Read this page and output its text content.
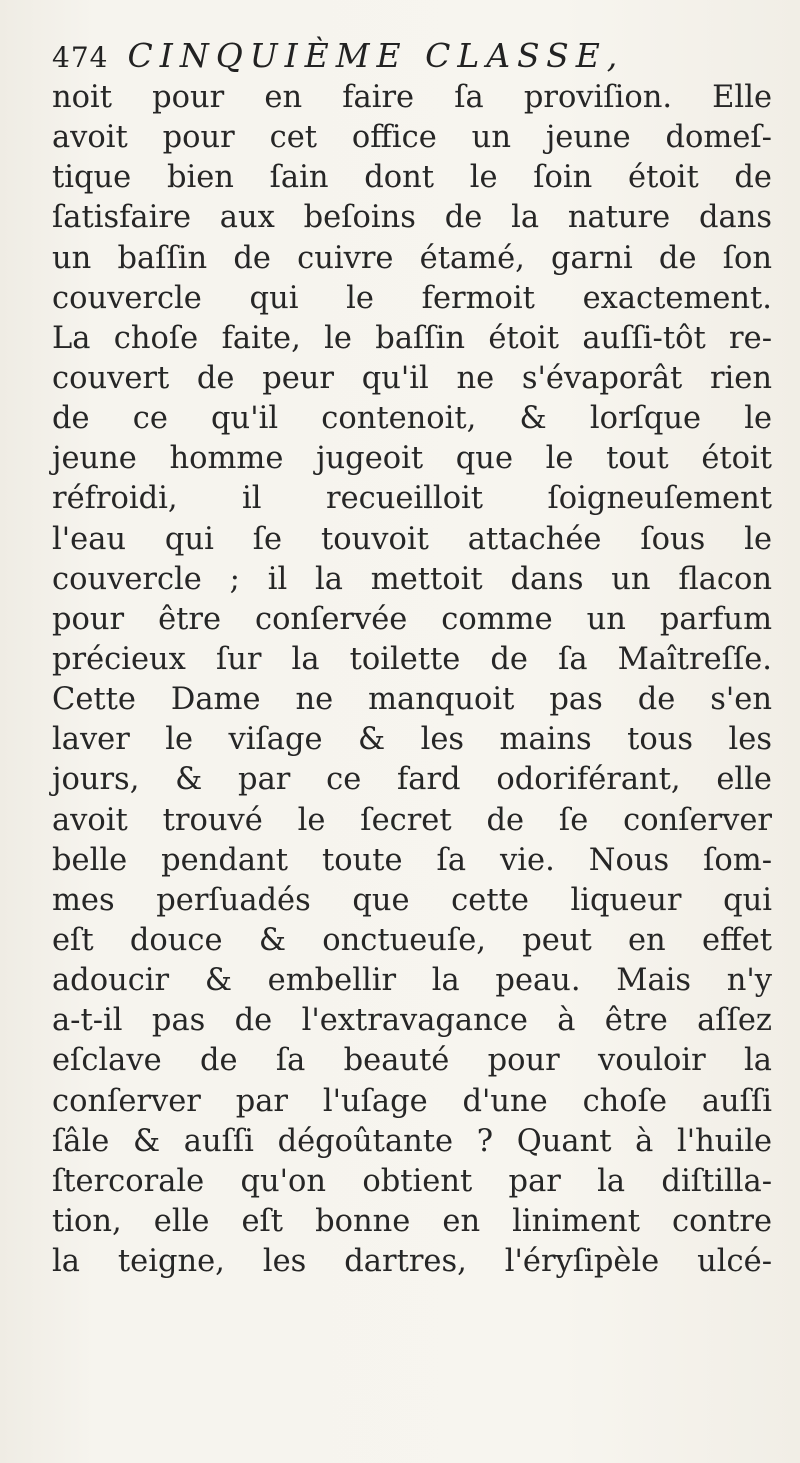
474 CINQUIÈME CLASSE,
noit pour en faire ſa proviſion. Elle
avoit pour cet office un jeune domeſ-
tique bien ſain dont le ſoin étoit de
ſatisfaire aux beſoins de la nature dans
un baſſin de cuivre étamé, garni de ſon
couvercle qui le fermoit exactement.
La choſe faite, le baſſin étoit auſſi-tôt re-
couvert de peur qu'il ne s'évaporât rien
de ce qu'il contenoit, & lorſque le
jeune homme jugeoit que le tout étoit
réfroidi, il recueilloit ſoigneuſement
l'eau qui ſe touvoit attachée ſous le
couvercle ; il la mettoit dans un flacon
pour être conſervée comme un parfum
précieux ſur la toilette de ſa Maîtreſſe.
Cette Dame ne manquoit pas de s'en
laver le viſage & les mains tous les
jours, & par ce fard odoriférant, elle
avoit trouvé le ſecret de ſe conſerver
belle pendant toute ſa vie. Nous ſom-
mes perſuadés que cette liqueur qui
eſt douce & onctueuſe, peut en effet
adoucir & embellir la peau. Mais n'y
a-t-il pas de l'extravagance à être aſſez
eſclave de ſa beauté pour vouloir la
conſerver par l'uſage d'une choſe auſſi
ſâle & auſſi dégoûtante ? Quant à l'huile
ſtercorale qu'on obtient par la diſtilla-
tion, elle eſt bonne en liniment contre
la teigne, les dartres, l'éryſipèle ulcé-
